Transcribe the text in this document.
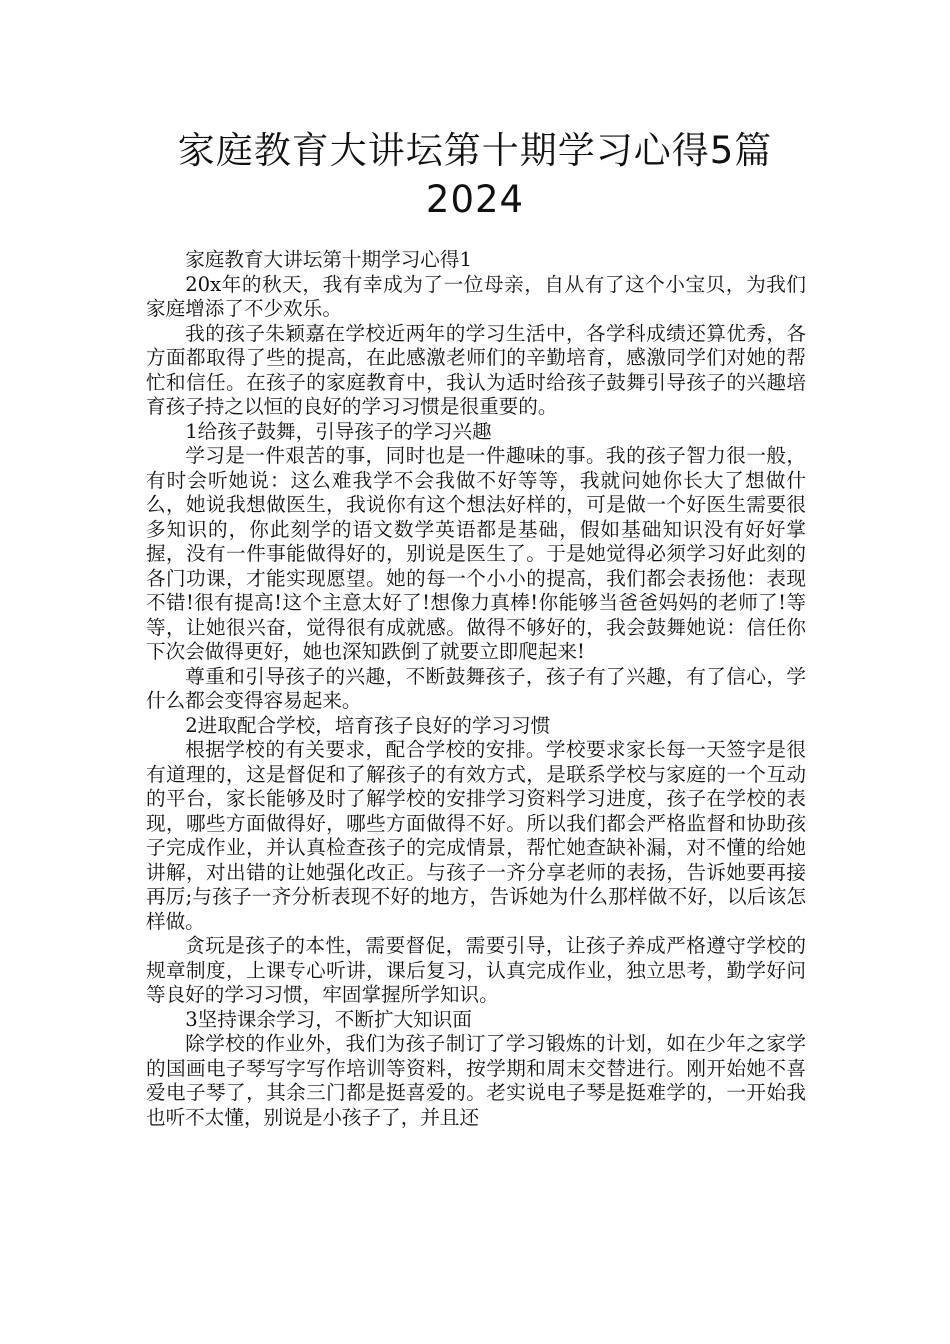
家庭教育大讲坛第十期学习心得5篇
2024

家庭教育大讲坛第十期学习心得1

20x年的秋天，我有幸成为了一位母亲，自从有了这个小宝贝，为我们家庭增添了不少欢乐。

我的孩子朱颖嘉在学校近两年的学习生活中，各学科成绩还算优秀，各方面都取得了些的提高，在此感激老师们的辛勤培育，感激同学们对她的帮忙和信任。在孩子的家庭教育中，我认为适时给孩子鼓舞引导孩子的兴趣培育孩子持之以恒的良好的学习习惯是很重要的。

1给孩子鼓舞，引导孩子的学习兴趣

学习是一件艰苦的事，同时也是一件趣味的事。我的孩子智力很一般，有时会听她说：这么难我学不会我做不好等等，我就问她你长大了想做什么，她说我想做医生，我说你有这个想法好样的，可是做一个好医生需要很多知识的，你此刻学的语文数学英语都是基础，假如基础知识没有好好掌握，没有一件事能做得好的，别说是医生了。于是她觉得必须学习好此刻的各门功课，才能实现愿望。她的每一个小小的提高，我们都会表扬他：表现不错!很有提高!这个主意太好了!想像力真棒!你能够当爸爸妈妈的老师了!等等，让她很兴奋，觉得很有成就感。做得不够好的，我会鼓舞她说：信任你下次会做得更好，她也深知跌倒了就要立即爬起来!

尊重和引导孩子的兴趣，不断鼓舞孩子，孩子有了兴趣，有了信心，学什么都会变得容易起来。

2进取配合学校，培育孩子良好的学习习惯

根据学校的有关要求，配合学校的安排。学校要求家长每一天签字是很有道理的，这是督促和了解孩子的有效方式，是联系学校与家庭的一个互动的平台，家长能够及时了解学校的安排学习资料学习进度，孩子在学校的表现，哪些方面做得好，哪些方面做得不好。所以我们都会严格监督和协助孩子完成作业，并认真检查孩子的完成情景，帮忙她查缺补漏，对不懂的给她讲解，对出错的让她强化改正。与孩子一齐分享老师的表扬，告诉她要再接再厉;与孩子一齐分析表现不好的地方，告诉她为什么那样做不好，以后该怎样做。

贪玩是孩子的本性，需要督促，需要引导，让孩子养成严格遵守学校的规章制度，上课专心听讲，课后复习，认真完成作业，独立思考，勤学好问等良好的学习习惯，牢固掌握所学知识。

3坚持课余学习，不断扩大知识面

除学校的作业外，我们为孩子制订了学习锻炼的计划，如在少年之家学的国画电子琴写字写作培训等资料，按学期和周末交替进行。刚开始她不喜爱电子琴了，其余三门都是挺喜爱的。老实说电子琴是挺难学的，一开始我也听不太懂，别说是小孩子了，并且还
